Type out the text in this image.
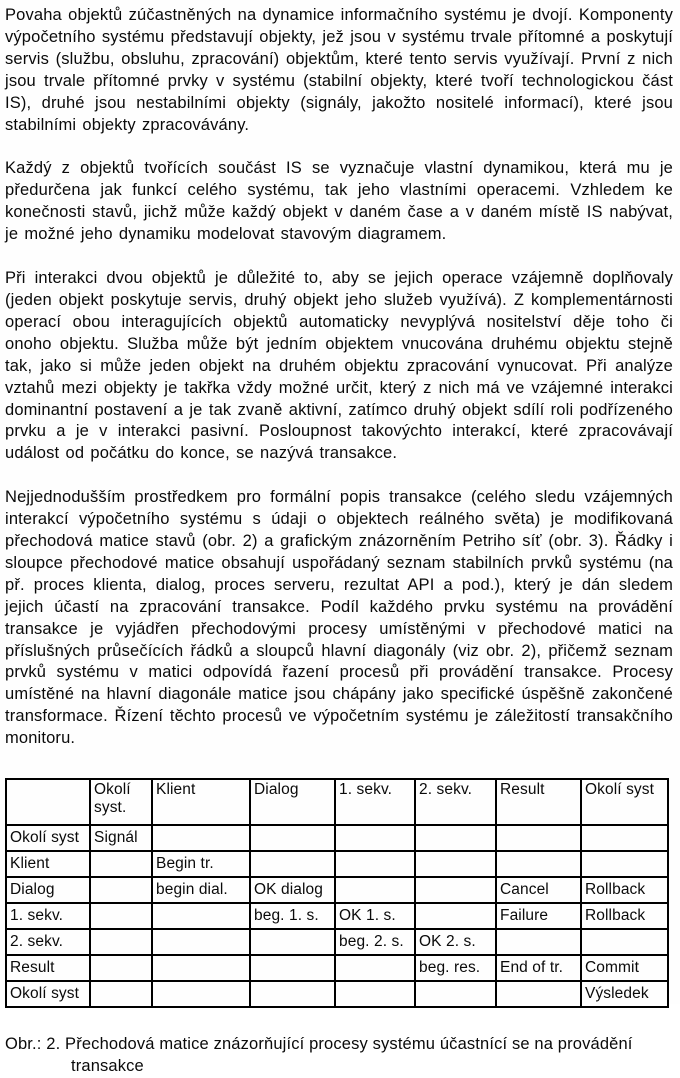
Povaha objektů zúčastněných na dynamice informačního systému je dvojí. Komponenty výpočetního systému představují objekty, jež jsou v systému trvale přítomné a poskytují servis (službu, obsluhu, zpracování) objektům, které tento servis využívají. První z nich jsou trvale přítomné prvky v systému (stabilní objekty, které tvoří technologickou část IS), druhé jsou nestabilními objekty (signály, jakožto nositelé informací), které jsou stabilními objekty zpracovávány.

Každý z objektů tvořících součást IS se vyznačuje vlastní dynamikou, která mu je předurčena jak funkcí celého systému, tak jeho vlastními operacemi. Vzhledem ke konečnosti stavů, jichž může každý objekt v daném čase a v daném místě IS nabývat, je možné jeho dynamiku modelovat stavovým diagramem.

Při interakci dvou objektů je důležité to, aby se jejich operace vzájemně doplňovaly (jeden objekt poskytuje servis, druhý objekt jeho služeb využívá). Z komplementárnosti operací obou interagujících objektů automaticky nevyplývá nositelství děje toho či onoho objektu. Služba může být jedním objektem vnucována druhému objektu stejně tak, jako si může jeden objekt na druhém objektu zpracování vynucovat. Při analýze vztahů mezi objekty je takřka vždy možné určit, který z nich má ve vzájemné interakci dominantní postavení a je tak zvaně aktivní, zatímco druhý objekt sdílí roli podřízeného prvku a je v interakci pasivní. Posloupnost takovýchto interakcí, které zpracovávají událost od počátku do konce, se nazývá transakce.

Nejjednodušším prostředkem pro formální popis transakce (celého sledu vzájemných interakcí výpočetního systému s údaji o objektech reálného světa) je modifikovaná přechodová matice stavů (obr. 2) a grafickým znázorněním Petriho síť (obr. 3). Řádky i sloupce přechodové matice obsahují uspořádaný seznam stabilních prvků systému (na př. proces klienta, dialog, proces serveru, rezultat API a pod.), který je dán sledem jejich účastí na zpracování transakce. Podíl každého prvku systému na provádění transakce je vyjádřen přechodovými procesy umístěnými v přechodové matici na příslušných průsečících řádků a sloupců hlavní diagonály (viz obr. 2), přičemž seznam prvků systému v matici odpovídá řazení procesů při provádění transakce. Procesy umístěné na hlavní diagonále matice jsou chápány jako specifické úspěšně zakončené transformace. Řízení těchto procesů ve výpočetním systému je záležitostí transakčního monitoru.

	Okolí syst.	Klient	Dialog	1. sekv.	2. sekv.	Result	Okolí syst
Okolí syst	Signál						
Klient		Begin tr.					
Dialog		begin dial.	OK dialog			Cancel	Rollback
1. sekv.			beg. 1. s.	OK 1. s.		Failure	Rollback
2. sekv.				beg. 2. s.	OK 2. s.		
Result					beg. res.	End of tr.	Commit
Okolí syst							Výsledek
Obr.: 2. Přechodová matice znázorňující procesy systému účastnící se na provádění
transakce
